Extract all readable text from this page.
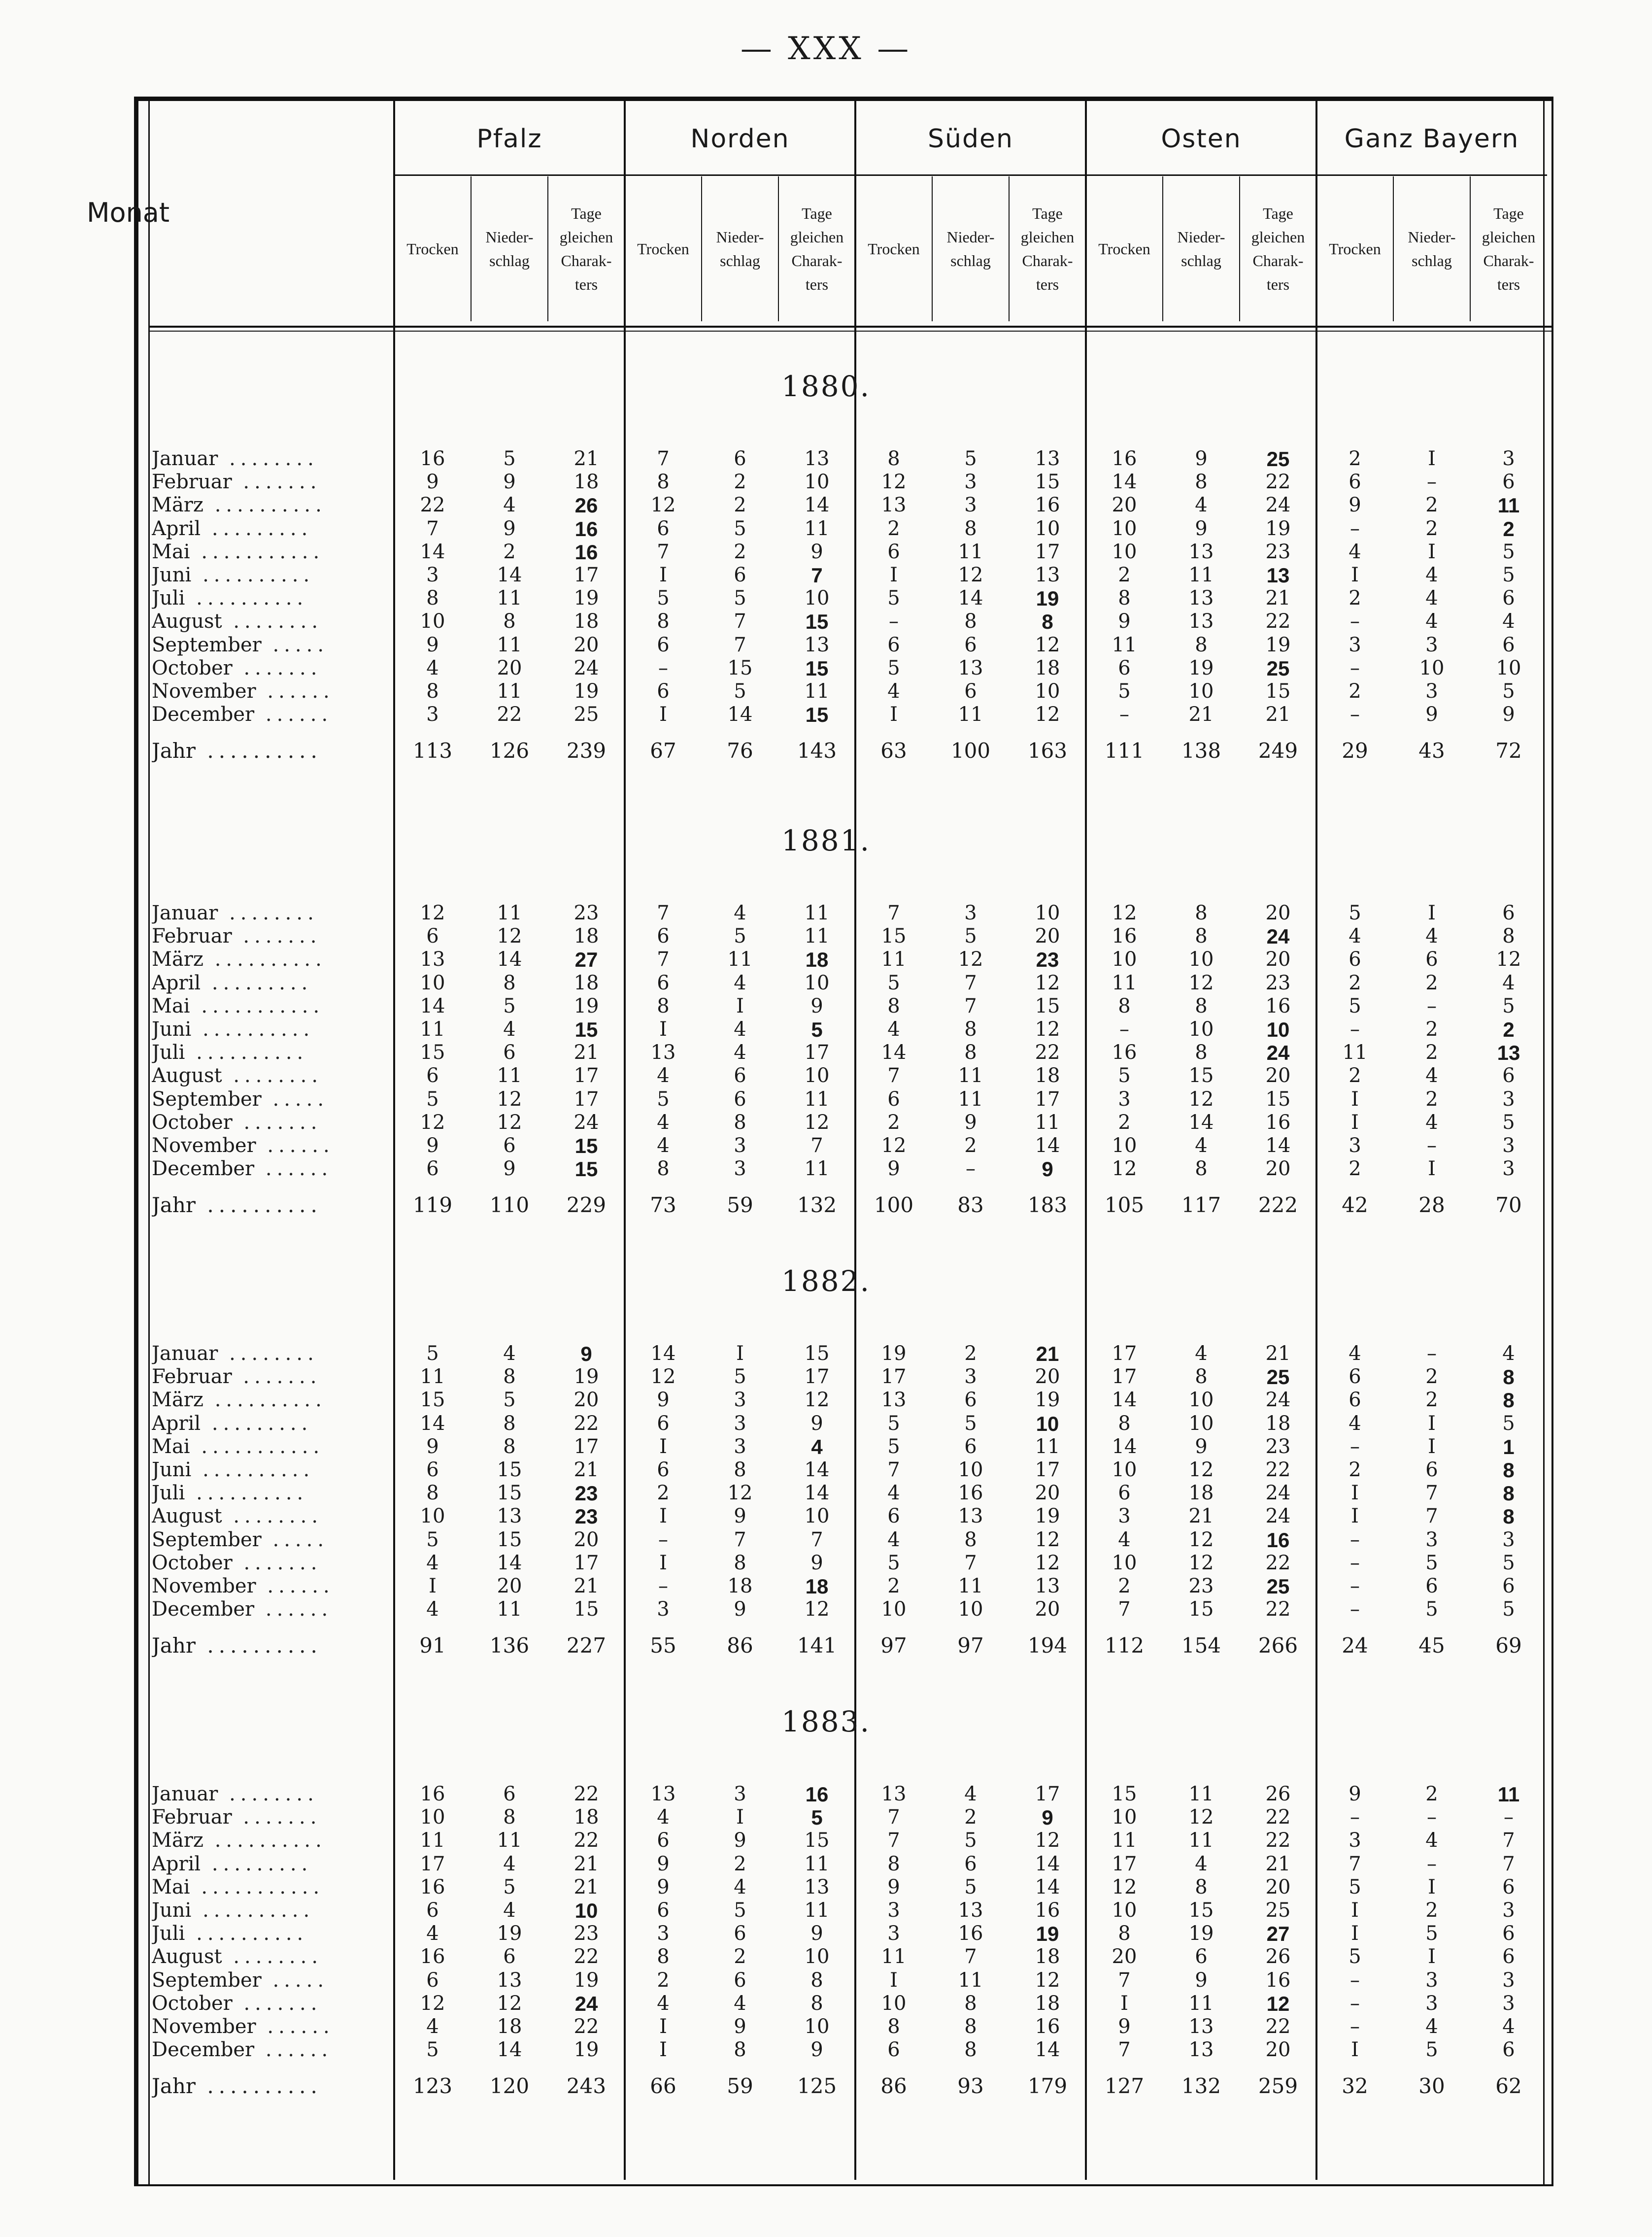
— XXX —
Monat
Pfalz
Trocken
Nieder-
schlag
Tage
gleichen
Charak-
ters
Norden
Trocken
Nieder-
schlag
Tage
gleichen
Charak-
ters
Süden
Trocken
Nieder-
schlag
Tage
gleichen
Charak-
ters
Osten
Trocken
Nieder-
schlag
Tage
gleichen
Charak-
ters
Ganz Bayern
Trocken
Nieder-
schlag
Tage
gleichen
Charak-
ters
1880.
Januar ........	16	5	21	7	6	13	8	5	13	16	9	25	2	I	3
Februar .......	9	9	18	8	2	10	12	3	15	14	8	22	6	–	6
März ..........	22	4	26	12	2	14	13	3	16	20	4	24	9	2	11
April .........	7	9	16	6	5	11	2	8	10	10	9	19	–	2	2
Mai ...........	14	2	16	7	2	9	6	11	17	10	13	23	4	I	5
Juni ..........	3	14	17	I	6	7	I	12	13	2	11	13	I	4	5
Juli ..........	8	11	19	5	5	10	5	14	19	8	13	21	2	4	6
August ........	10	8	18	8	7	15	–	8	8	9	13	22	–	4	4
September .....	9	11	20	6	7	13	6	6	12	11	8	19	3	3	6
October .......	4	20	24	–	15	15	5	13	18	6	19	25	–	10	10
November ......	8	11	19	6	5	11	4	6	10	5	10	15	2	3	5
December ......	3	22	25	I	14	15	I	11	12	–	21	21	–	9	9
Jahr ..........	113	126	239	67	76	143	63	100	163	111	138	249	29	43	72
1881.
Januar ........	12	11	23	7	4	11	7	3	10	12	8	20	5	I	6
Februar .......	6	12	18	6	5	11	15	5	20	16	8	24	4	4	8
März ..........	13	14	27	7	11	18	11	12	23	10	10	20	6	6	12
April .........	10	8	18	6	4	10	5	7	12	11	12	23	2	2	4
Mai ...........	14	5	19	8	I	9	8	7	15	8	8	16	5	–	5
Juni ..........	11	4	15	I	4	5	4	8	12	–	10	10	–	2	2
Juli ..........	15	6	21	13	4	17	14	8	22	16	8	24	11	2	13
August ........	6	11	17	4	6	10	7	11	18	5	15	20	2	4	6
September .....	5	12	17	5	6	11	6	11	17	3	12	15	I	2	3
October .......	12	12	24	4	8	12	2	9	11	2	14	16	I	4	5
November ......	9	6	15	4	3	7	12	2	14	10	4	14	3	–	3
December ......	6	9	15	8	3	11	9	–	9	12	8	20	2	I	3
Jahr ..........	119	110	229	73	59	132	100	83	183	105	117	222	42	28	70
1882.
Januar ........	5	4	9	14	I	15	19	2	21	17	4	21	4	–	4
Februar .......	11	8	19	12	5	17	17	3	20	17	8	25	6	2	8
März ..........	15	5	20	9	3	12	13	6	19	14	10	24	6	2	8
April .........	14	8	22	6	3	9	5	5	10	8	10	18	4	I	5
Mai ...........	9	8	17	I	3	4	5	6	11	14	9	23	–	I	1
Juni ..........	6	15	21	6	8	14	7	10	17	10	12	22	2	6	8
Juli ..........	8	15	23	2	12	14	4	16	20	6	18	24	I	7	8
August ........	10	13	23	I	9	10	6	13	19	3	21	24	I	7	8
September .....	5	15	20	–	7	7	4	8	12	4	12	16	–	3	3
October .......	4	14	17	I	8	9	5	7	12	10	12	22	–	5	5
November ......	I	20	21	–	18	18	2	11	13	2	23	25	–	6	6
December ......	4	11	15	3	9	12	10	10	20	7	15	22	–	5	5
Jahr ..........	91	136	227	55	86	141	97	97	194	112	154	266	24	45	69
1883.
Januar ........	16	6	22	13	3	16	13	4	17	15	11	26	9	2	11
Februar .......	10	8	18	4	I	5	7	2	9	10	12	22	–	–	–
März ..........	11	11	22	6	9	15	7	5	12	11	11	22	3	4	7
April .........	17	4	21	9	2	11	8	6	14	17	4	21	7	–	7
Mai ...........	16	5	21	9	4	13	9	5	14	12	8	20	5	I	6
Juni ..........	6	4	10	6	5	11	3	13	16	10	15	25	I	2	3
Juli ..........	4	19	23	3	6	9	3	16	19	8	19	27	I	5	6
August ........	16	6	22	8	2	10	11	7	18	20	6	26	5	I	6
September .....	6	13	19	2	6	8	I	11	12	7	9	16	–	3	3
October .......	12	12	24	4	4	8	10	8	18	I	11	12	–	3	3
November ......	4	18	22	I	9	10	8	8	16	9	13	22	–	4	4
December ......	5	14	19	I	8	9	6	8	14	7	13	20	I	5	6
Jahr ..........	123	120	243	66	59	125	86	93	179	127	132	259	32	30	62
